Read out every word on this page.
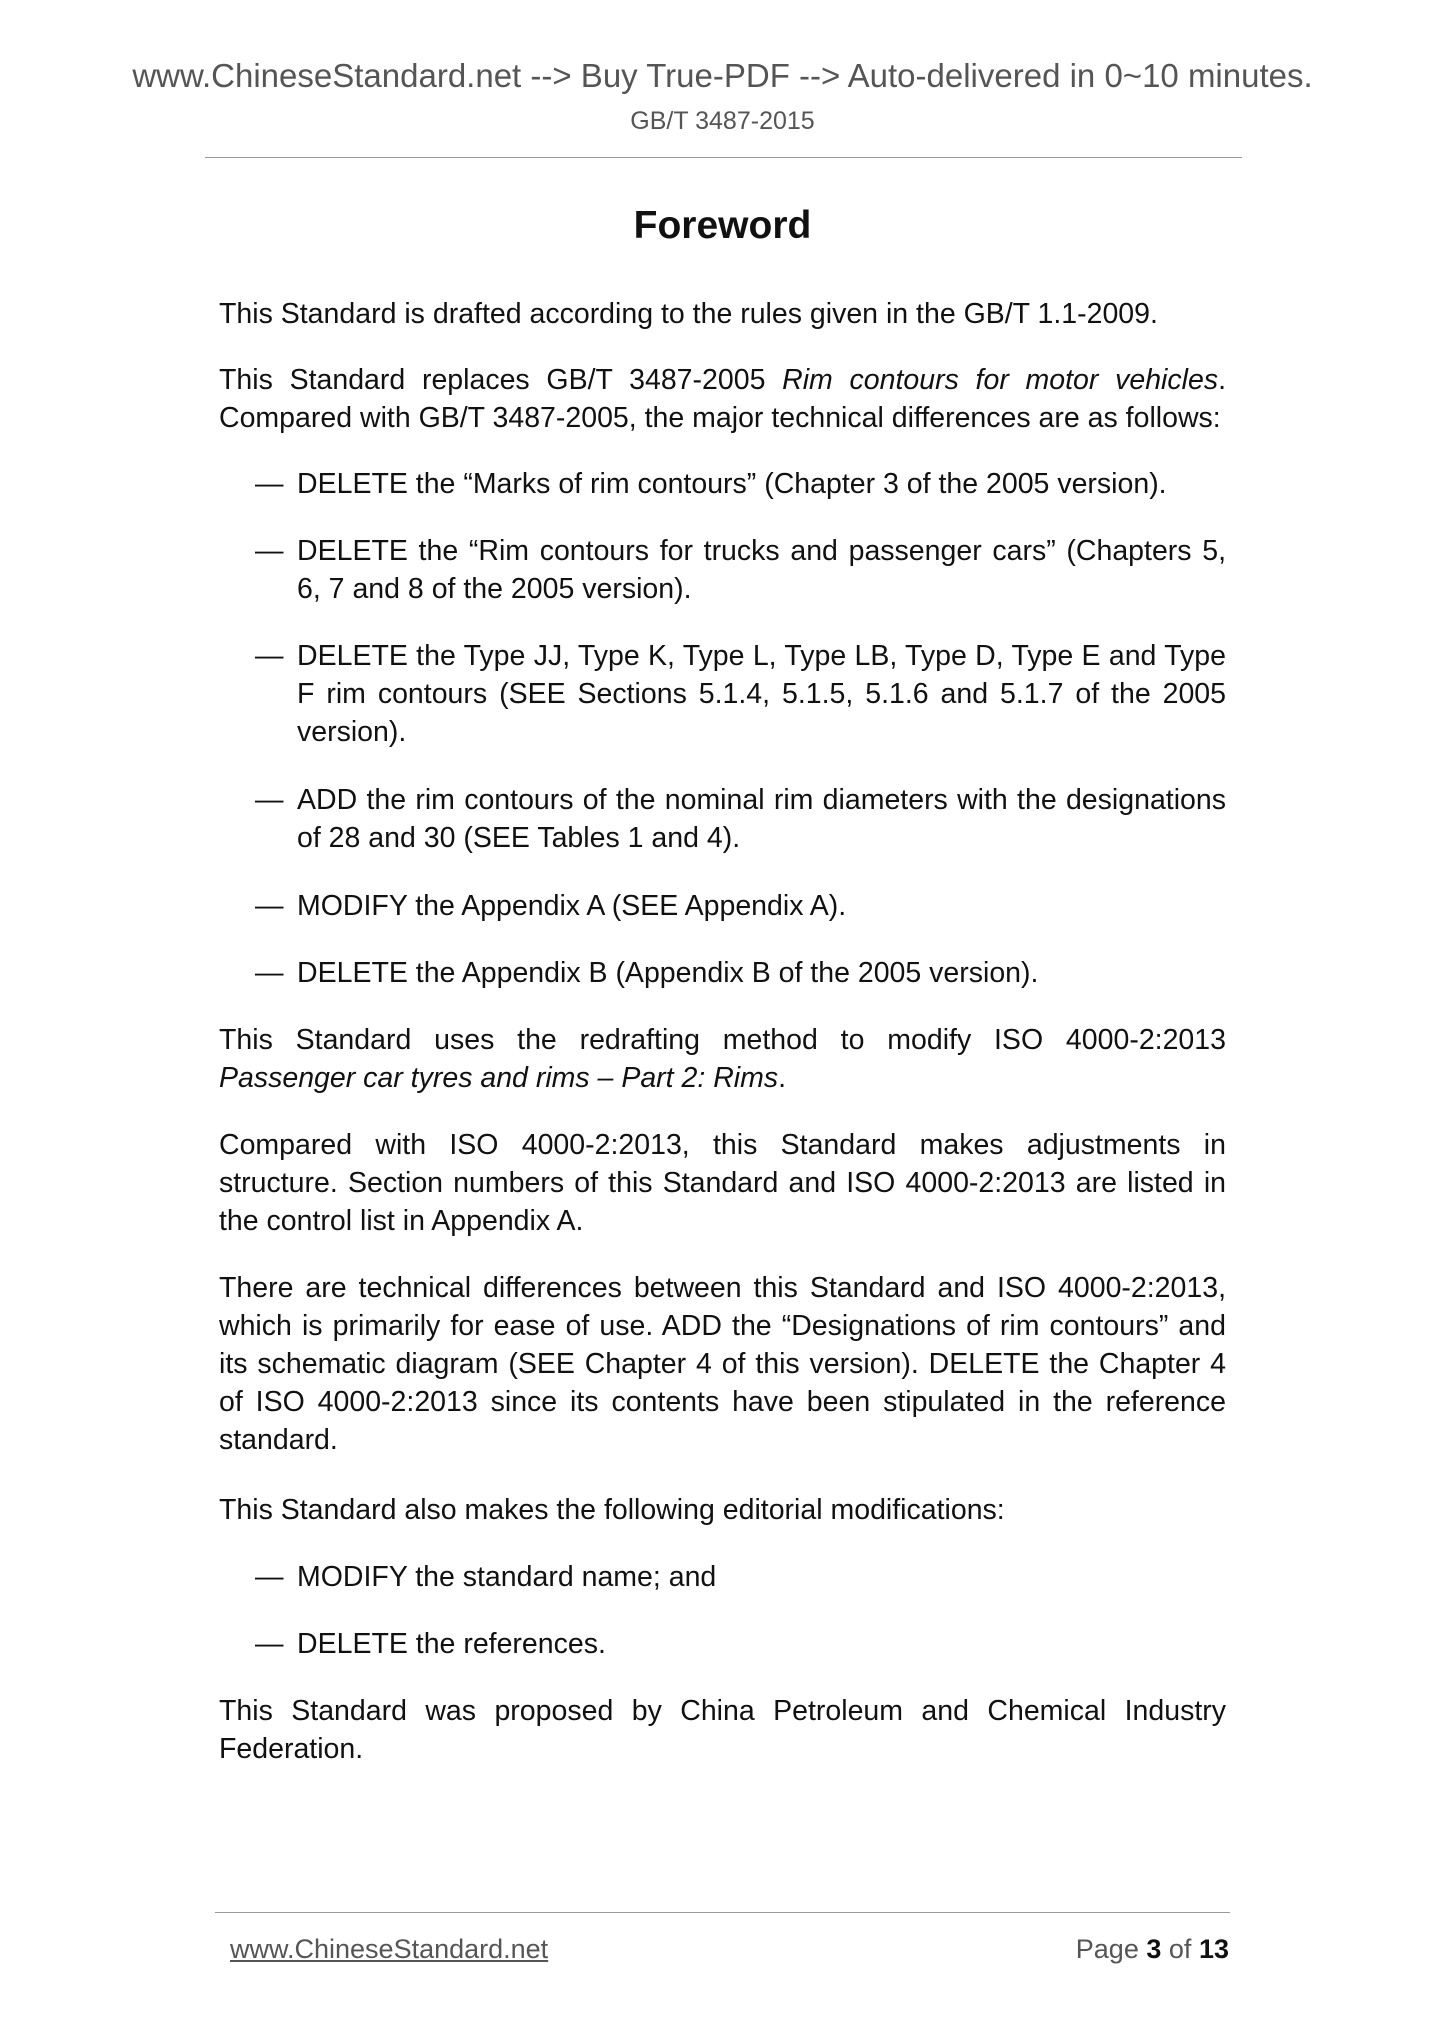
www.ChineseStandard.net --> Buy True-PDF --> Auto-delivered in 0~10 minutes.
GB/T 3487-2015
Foreword

This Standard is drafted according to the rules given in the GB/T 1.1-2009.

This Standard replaces GB/T 3487-2005 Rim contours for motor vehicles. Compared with GB/T 3487-2005, the major technical differences are as follows:

— DELETE the “Marks of rim contours” (Chapter 3 of the 2005 version).
— DELETE the “Rim contours for trucks and passenger cars” (Chapters 5, 6, 7 and 8 of the 2005 version).
— DELETE the Type JJ, Type K, Type L, Type LB, Type D, Type E and Type F rim contours (SEE Sections 5.1.4, 5.1.5, 5.1.6 and 5.1.7 of the 2005 version).
— ADD the rim contours of the nominal rim diameters with the designations of 28 and 30 (SEE Tables 1 and 4).
— MODIFY the Appendix A (SEE Appendix A).
— DELETE the Appendix B (Appendix B of the 2005 version).

This Standard uses the redrafting method to modify ISO 4000-2:2013 Passenger car tyres and rims – Part 2: Rims.

Compared with ISO 4000-2:2013, this Standard makes adjustments in structure. Section numbers of this Standard and ISO 4000-2:2013 are listed in the control list in Appendix A.

There are technical differences between this Standard and ISO 4000-2:2013, which is primarily for ease of use. ADD the “Designations of rim contours” and its schematic diagram (SEE Chapter 4 of this version). DELETE the Chapter 4 of ISO 4000-2:2013 since its contents have been stipulated in the reference standard.

This Standard also makes the following editorial modifications:

— MODIFY the standard name; and
— DELETE the references.

This Standard was proposed by China Petroleum and Chemical Industry Federation.

www.ChineseStandard.net	Page 3 of 13
